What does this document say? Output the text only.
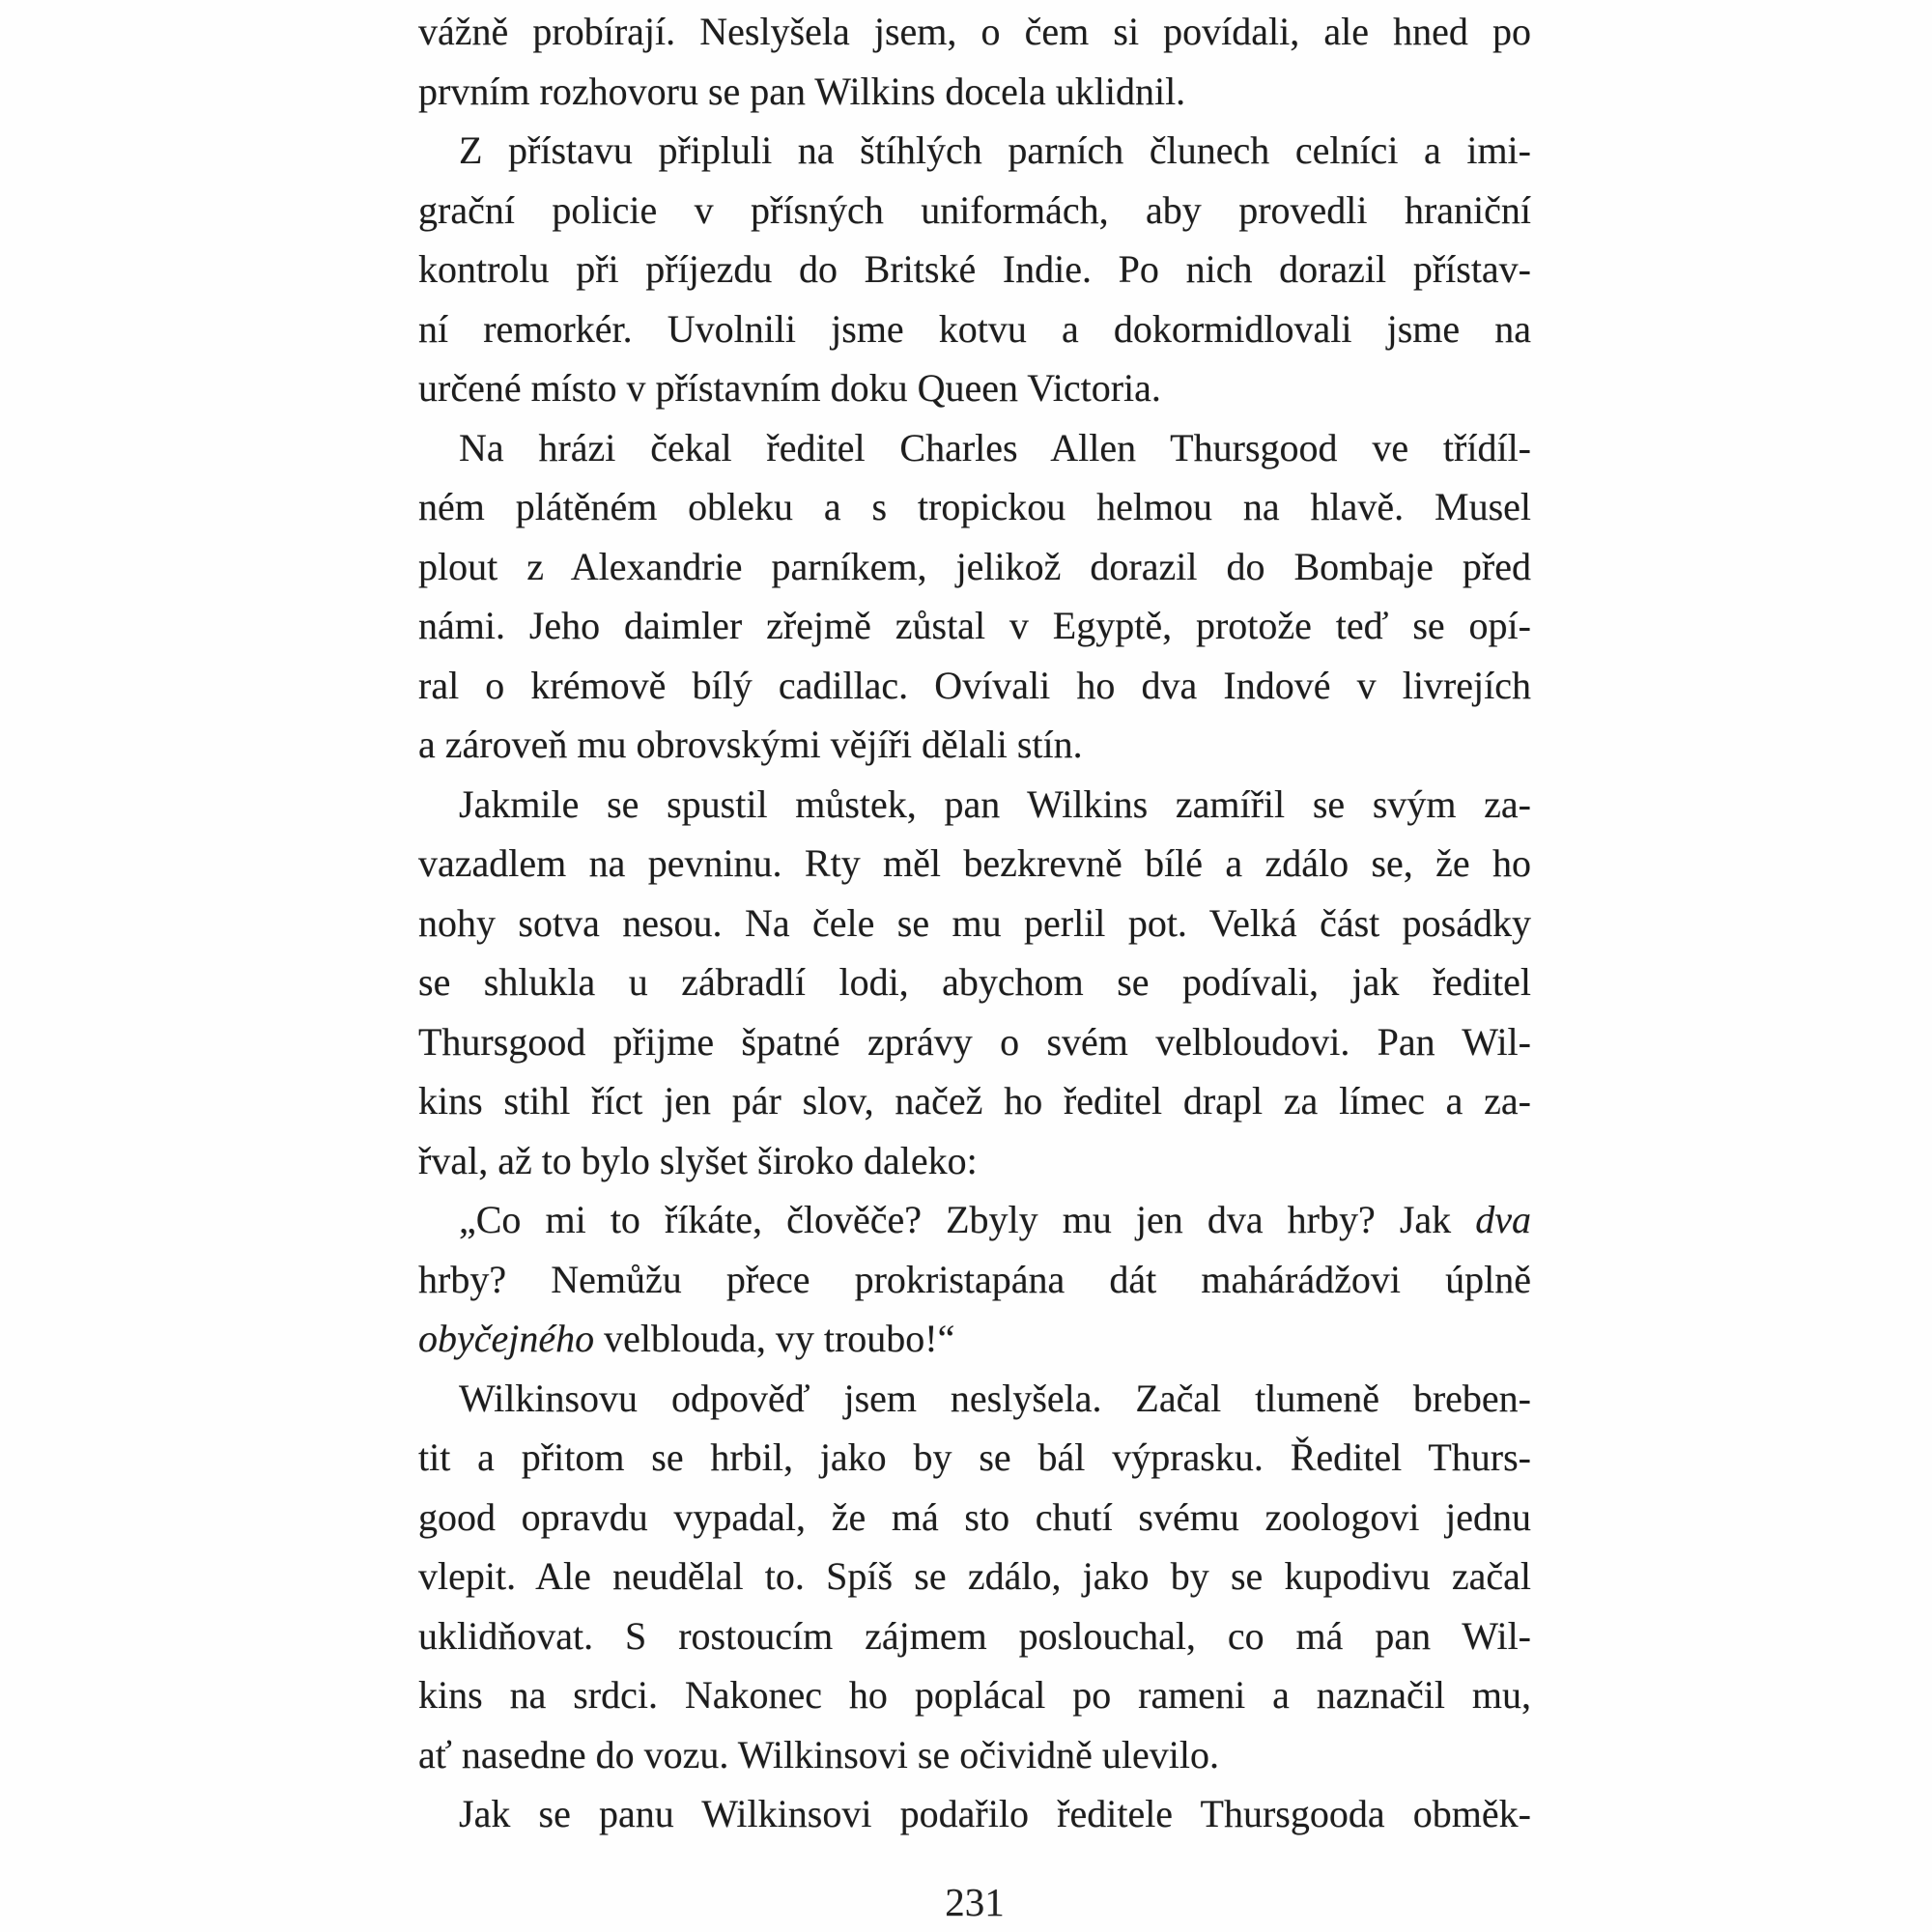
vážně probírají. Neslyšela jsem, o čem si povídali, ale hned po
prvním rozhovoru se pan Wilkins docela uklidnil.
Z přístavu připluli na štíhlých parních člunech celníci a imi-
grační policie v přísných uniformách, aby provedli hraniční
kontrolu při příjezdu do Britské Indie. Po nich dorazil přístav-
ní remorkér. Uvolnili jsme kotvu a dokormidlovali jsme na
určené místo v přístavním doku Queen Victoria.
Na hrázi čekal ředitel Charles Allen Thursgood ve třídíl-
ném plátěném obleku a s tropickou helmou na hlavě. Musel
plout z Alexandrie parníkem, jelikož dorazil do Bombaje před
námi. Jeho daimler zřejmě zůstal v Egyptě, protože teď se opí-
ral o krémově bílý cadillac. Ovívali ho dva Indové v livrejích
a zároveň mu obrovskými vějíři dělali stín.
Jakmile se spustil můstek, pan Wilkins zamířil se svým za-
vazadlem na pevninu. Rty měl bezkrevně bílé a zdálo se, že ho
nohy sotva nesou. Na čele se mu perlil pot. Velká část posádky
se shlukla u zábradlí lodi, abychom se podívali, jak ředitel
Thursgood přijme špatné zprávy o svém velbloudovi. Pan Wil-
kins stihl říct jen pár slov, načež ho ředitel drapl za límec a za-
řval, až to bylo slyšet široko daleko:
„Co mi to říkáte, člověče? Zbyly mu jen dva hrby? Jak dva
hrby? Nemůžu přece prokristapána dát mahárádžovi úplně
obyčejného velblouda, vy troubo!“
Wilkinsovu odpověď jsem neslyšela. Začal tlumeně breben-
tit a přitom se hrbil, jako by se bál výprasku. Ředitel Thurs-
good opravdu vypadal, že má sto chutí svému zoologovi jednu
vlepit. Ale neudělal to. Spíš se zdálo, jako by se kupodivu začal
uklidňovat. S rostoucím zájmem poslouchal, co má pan Wil-
kins na srdci. Nakonec ho poplácal po rameni a naznačil mu,
ať nasedne do vozu. Wilkinsovi se očividně ulevilo.
Jak se panu Wilkinsovi podařilo ředitele Thursgooda obměk-
231
